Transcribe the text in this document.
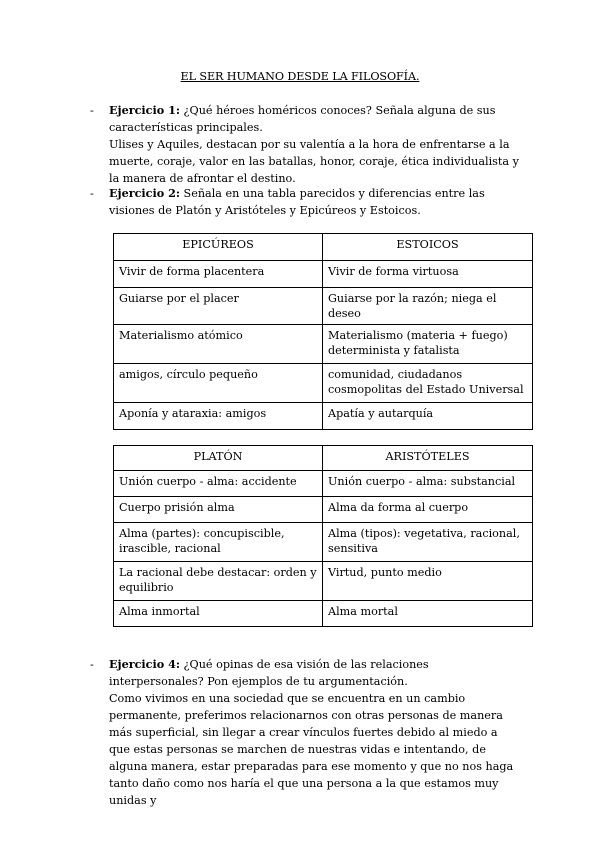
EL SER HUMANO DESDE LA FILOSOFÍA.
- Ejercicio 1: ¿Qué héroes homéricos conoces? Señala alguna de sus características principales.
Ulises y Aquiles, destacan por su valentía a la hora de enfrentarse a la muerte, coraje, valor en las batallas, honor, coraje, ética individualista y la manera de afrontar el destino.
- Ejercicio 2: Señala en una tabla parecidos y diferencias entre las visiones de Platón y Aristóteles y Epicúreos y Estoicos.
EPICÚREOS	ESTOICOS
Vivir de forma placentera	Vivir de forma virtuosa
Guiarse por el placer	Guiarse por la razón; niega el deseo
Materialismo atómico	Materialismo (materia + fuego) determinista y fatalista
amigos, círculo pequeño	comunidad, ciudadanos cosmopolitas del Estado Universal
Aponía y ataraxia: amigos	Apatía y autarquía
PLATÓN	ARISTÓTELES
Unión cuerpo - alma: accidente	Unión cuerpo - alma: substancial
Cuerpo prisión alma	Alma da forma al cuerpo
Alma (partes): concupiscible, irascible, racional	Alma (tipos): vegetativa, racional, sensitiva
La racional debe destacar: orden y equilibrio	Virtud, punto medio
Alma inmortal	Alma mortal
- Ejercicio 4: ¿Qué opinas de esa visión de las relaciones interpersonales? Pon ejemplos de tu argumentación.
Como vivimos en una sociedad que se encuentra en un cambio permanente, preferimos relacionarnos con otras personas de manera más superficial, sin llegar a crear vínculos fuertes debido al miedo a que estas personas se marchen de nuestras vidas e intentando, de alguna manera, estar preparadas para ese momento y que no nos haga tanto daño como nos haría el que una persona a la que estamos muy unidas y
